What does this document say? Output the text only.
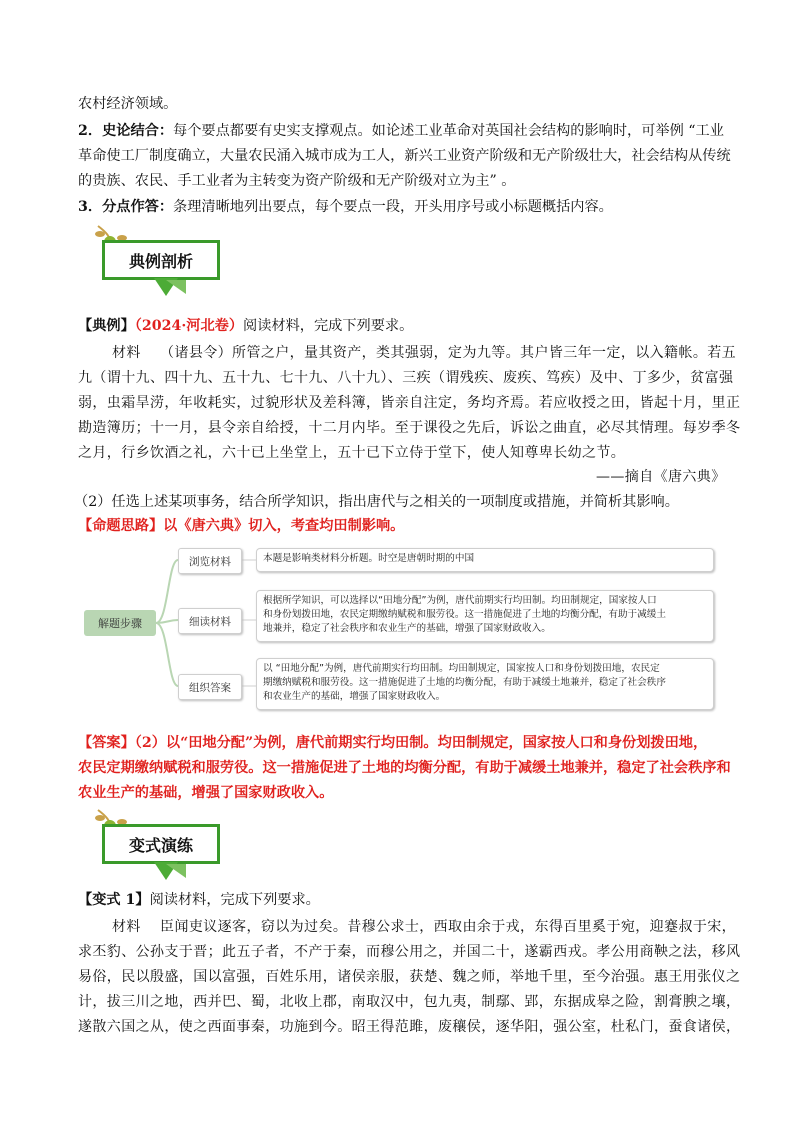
农村经济领域。
2．史论结合：每个要点都要有史实支撑观点。如论述工业革命对英国社会结构的影响时，可举例 “工业
革命使工厂制度确立，大量农民涌入城市成为工人，新兴工业资产阶级和无产阶级壮大，社会结构从传统
的贵族、农民、手工业者为主转变为资产阶级和无产阶级对立为主” 。
3．分点作答：条理清晰地列出要点，每个要点一段，开头用序号或小标题概括内容。
典例剖析
【典例】（2024·河北卷）阅读材料，完成下列要求。
材料　 （诸县令）所管之户，量其资产，类其强弱，定为九等。其户皆三年一定，以入籍帐。若五
九（谓十九、四十九、五十九、七十九、八十九）、三疾（谓残疾、废疾、笃疾）及中、丁多少，贫富强
弱，虫霜旱涝，年收耗实，过貌形状及差科簿，皆亲自注定，务均齐焉。若应收授之田，皆起十月，里正
勘造簿历；十一月，县令亲自给授，十二月内毕。至于课役之先后，诉讼之曲直，必尽其情理。每岁季冬
之月，行乡饮酒之礼，六十已上坐堂上，五十已下立侍于堂下，使人知尊卑长幼之节。
——摘自《唐六典》
（2）任选上述某项事务，结合所学知识，指出唐代与之相关的一项制度或措施，并简析其影响。
【命题思路】以《唐六典》切入，考查均田制影响。
解题步骤
浏览材料	本题是影响类材料分析题。时空是唐朝时期的中国

细读材料

根据所学知识，可以选择以“田地分配”为例，唐代前期实行均田制。均田制规定，国家按人口

和身份划拨田地，农民定期缴纳赋税和服劳役。这一措施促进了土地的均衡分配，有助于减缓土

地兼并，稳定了社会秩序和农业生产的基础，增强了国家财政收入。

组织答案

以 “田地分配”为例，唐代前期实行均田制。均田制规定，国家按人口和身份划拨田地，农民定

期缴纳赋税和服劳役。这一措施促进了土地的均衡分配，有助于减缓土地兼并，稳定了社会秩序

和农业生产的基础，增强了国家财政收入。

【答案】（2）以“田地分配”为例，唐代前期实行均田制。均田制规定，国家按人口和身份划拨田地，
农民定期缴纳赋税和服劳役。这一措施促进了土地的均衡分配，有助于减缓土地兼并，稳定了社会秩序和
农业生产的基础，增强了国家财政收入。
变式演练
【变式 1】阅读材料，完成下列要求。
材料　 臣闻吏议逐客，窃以为过矣。昔穆公求士，西取由余于戎，东得百里奚于宛，迎蹇叔于宋，
求丕豹、公孙支于晋；此五子者，不产于秦，而穆公用之，并国二十，遂霸西戎。孝公用商鞅之法，移风
易俗，民以殷盛，国以富强，百姓乐用，诸侯亲服，获楚、魏之师，举地千里，至今治强。惠王用张仪之
计，拔三川之地，西并巴、蜀，北收上郡，南取汉中，包九夷，制鄢、郢，东据成皋之险，割膏腴之壤，
遂散六国之从，使之西面事秦，功施到今。昭王得范雎，废穰侯，逐华阳，强公室，杜私门，蚕食诸侯，
